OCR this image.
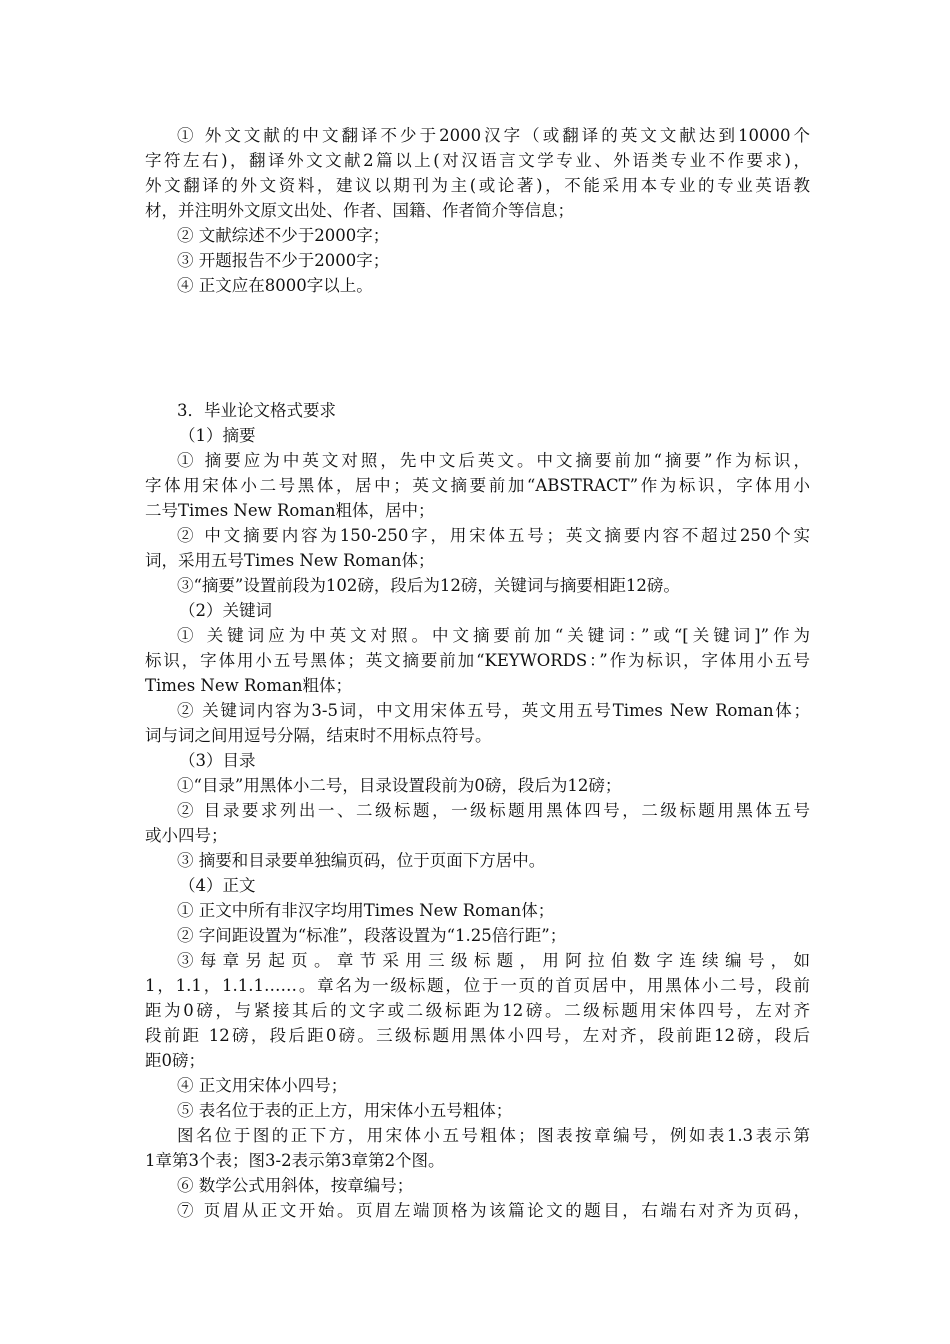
① 外文文献的中文翻译不少于2000汉字（或翻译的英文文献达到10000个
字符左右)，翻译外文文献2篇以上(对汉语言文学专业、外语类专业不作要求)，
外文翻译的外文资料，建议以期刊为主(或论著)，不能采用本专业的专业英语教
材，并注明外文原文出处、作者、国籍、作者简介等信息；
② 文献综述不少于2000字；
③ 开题报告不少于2000字；
④ 正文应在8000字以上。
3．毕业论文格式要求
（1）摘要
① 摘要应为中英文对照，先中文后英文。中文摘要前加“摘要”作为标识，
字体用宋体小二号黑体，居中；英文摘要前加“ABSTRACT”作为标识，字体用小
二号Times New Roman粗体，居中；
② 中文摘要内容为150-250字，用宋体五号；英文摘要内容不超过250个实
词，采用五号Times New Roman体；
③“摘要”设置前段为102磅，段后为12磅，关键词与摘要相距12磅。
（2）关键词
① 关键词应为中英文对照。中文摘要前加“关键词：”或“[关键词]”作为
标识，字体用小五号黑体；英文摘要前加“KEYWORDS：”作为标识，字体用小五号
Times New Roman粗体；
② 关键词内容为3-5词，中文用宋体五号，英文用五号Times New Roman体；
词与词之间用逗号分隔，结束时不用标点符号。
（3）目录
①“目录”用黑体小二号，目录设置段前为0磅，段后为12磅；
② 目录要求列出一、二级标题，一级标题用黑体四号，二级标题用黑体五号
或小四号；
③ 摘要和目录要单独编页码，位于页面下方居中。
（4）正文
① 正文中所有非汉字均用Times New Roman体；
② 字间距设置为“标准”，段落设置为“1.25倍行距”；
③ 每 章 另 起 页 。 章 节 采 用 三 级 标 题 ， 用 阿 拉 伯 数 字 连 续 编 号 ， 如
1，1.1，1.1.1……。章名为一级标题，位于一页的首页居中，用黑体小二号，段前
距为0磅，与紧接其后的文字或二级标距为12磅。二级标题用宋体四号，左对齐
段前距 12磅，段后距0磅。三级标题用黑体小四号，左对齐，段前距12磅，段后
距0磅；
④ 正文用宋体小四号；
⑤ 表名位于表的正上方，用宋体小五号粗体；
图名位于图的正下方，用宋体小五号粗体；图表按章编号，例如表1.3表示第
1章第3个表；图3-2表示第3章第2个图。
⑥ 数学公式用斜体，按章编号；
⑦ 页眉从正文开始。页眉左端顶格为该篇论文的题目，右端右对齐为页码，
